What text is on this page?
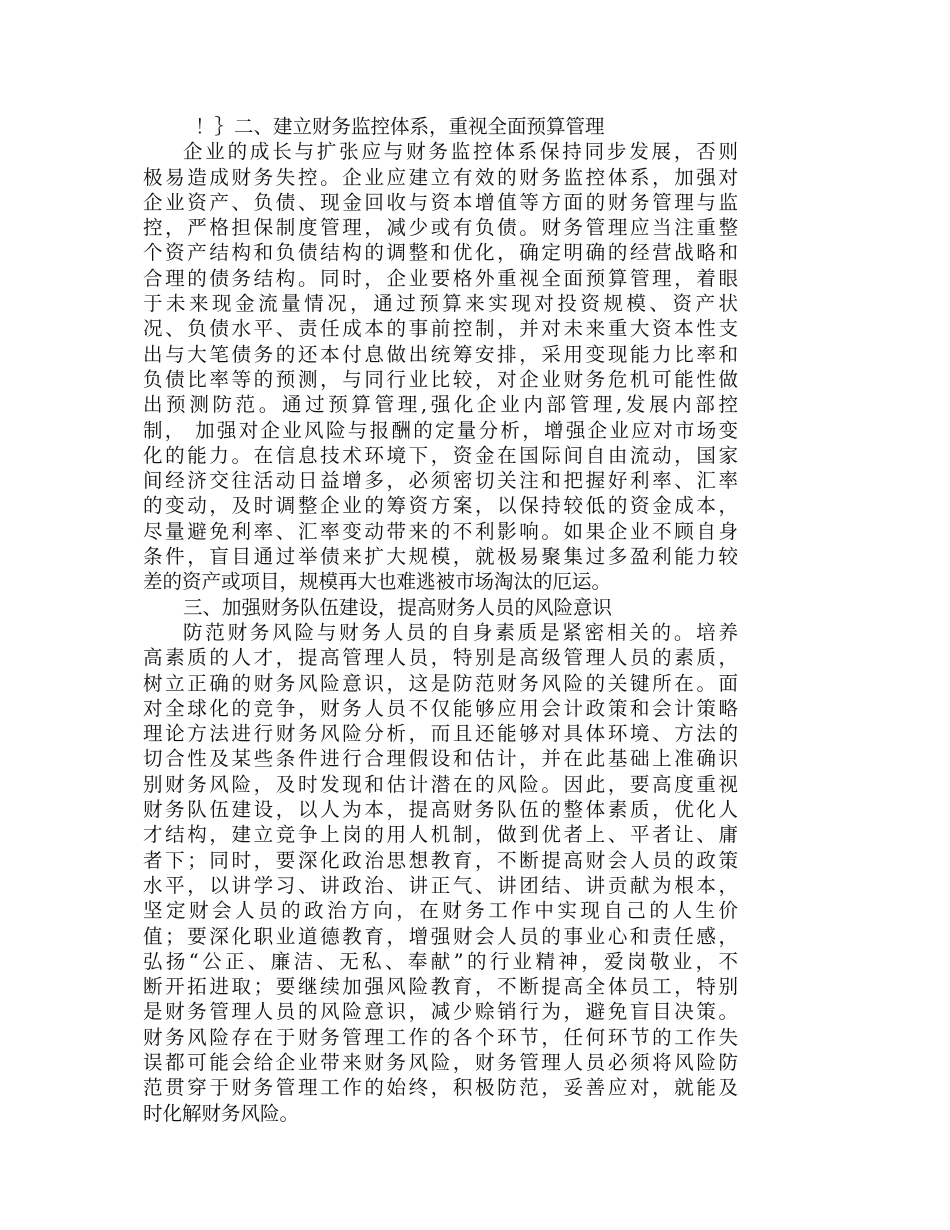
！｝二、建立财务监控体系，重视全面预算管理
企业的成长与扩张应与财务监控体系保持同步发展，否则
极易造成财务失控。企业应建立有效的财务监控体系，加强对
企业资产、负债、现金回收与资本增值等方面的财务管理与监
控，严格担保制度管理，减少或有负债。财务管理应当注重整
个资产结构和负债结构的调整和优化，确定明确的经营战略和
合理的债务结构。同时，企业要格外重视全面预算管理，着眼
于未来现金流量情况，通过预算来实现对投资规模、资产状
况、负债水平、责任成本的事前控制，并对未来重大资本性支
出与大笔债务的还本付息做出统筹安排，采用变现能力比率和
负债比率等的预测，与同行业比较，对企业财务危机可能性做
出预测防范。通过预算管理,强化企业内部管理,发展内部控
制， 加强对企业风险与报酬的定量分析，增强企业应对市场变
化的能力。在信息技术环境下，资金在国际间自由流动，国家
间经济交往活动日益增多，必须密切关注和把握好利率、汇率
的变动，及时调整企业的筹资方案，以保持较低的资金成本，
尽量避免利率、汇率变动带来的不利影响。如果企业不顾自身
条件，盲目通过举债来扩大规模，就极易聚集过多盈利能力较
差的资产或项目，规模再大也难逃被市场淘汰的厄运。
三、加强财务队伍建设，提高财务人员的风险意识
防范财务风险与财务人员的自身素质是紧密相关的。培养
高素质的人才，提高管理人员，特别是高级管理人员的素质，
树立正确的财务风险意识，这是防范财务风险的关键所在。面
对全球化的竞争，财务人员不仅能够应用会计政策和会计策略
理论方法进行财务风险分析，而且还能够对具体环境、方法的
切合性及某些条件进行合理假设和估计，并在此基础上准确识
别财务风险，及时发现和估计潜在的风险。因此，要高度重视
财务队伍建设，以人为本，提高财务队伍的整体素质，优化人
才结构，建立竞争上岗的用人机制，做到优者上、平者让、庸
者下；同时，要深化政治思想教育，不断提高财会人员的政策
水平，以讲学习、讲政治、讲正气、讲团结、讲贡献为根本，
坚定财会人员的政治方向，在财务工作中实现自己的人生价
值；要深化职业道德教育，增强财会人员的事业心和责任感，
弘扬“公正、廉洁、无私、奉献”的行业精神，爱岗敬业，不
断开拓进取；要继续加强风险教育，不断提高全体员工，特别
是财务管理人员的风险意识，减少赊销行为，避免盲目决策。
财务风险存在于财务管理工作的各个环节，任何环节的工作失
误都可能会给企业带来财务风险，财务管理人员必须将风险防
范贯穿于财务管理工作的始终，积极防范，妥善应对，就能及
时化解财务风险。
